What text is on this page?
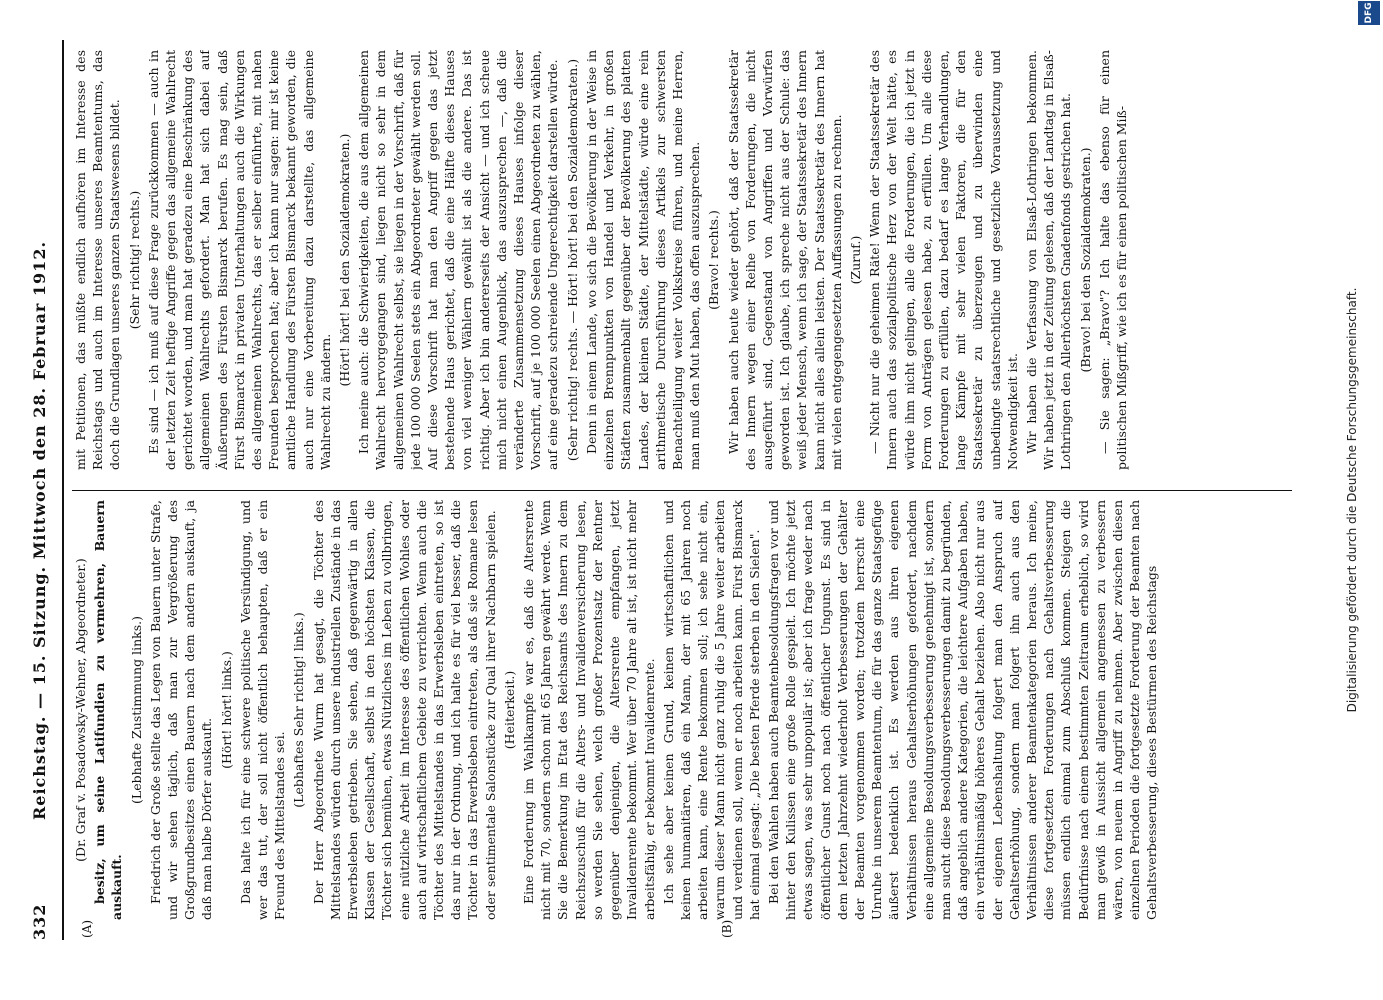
332
Reichstag. — 15. Sitzung. Mittwoch den 28. Februar 1912. (Dr. Graf v. Posadowsky-Wehner, Abgeordneter.) besitz, um seine Latifundien zu vermehren, Bauern auskauft.

(Lebhafte Zustimmung links.) Friedrich der Große stellte das Legen von Bauern unter Strafe, und wir sehen täglich, daß man zur Vergrößerung des Großgrundbesitzes einen Bauern nach dem andern auskauft, ja daß man halbe Dörfer auskauft.

(Hört! hört! links.) Das halte ich für eine schwere politische Versündigung, und wer das tut, der soll nicht öffentlich behaupten, daß er ein Freund des Mittelstandes sei.

(Lebhaftes Sehr richtig! links.) Der Herr Abgeordnete Wurm hat gesagt, die Töchter des Mittelstandes würden durch unsere industriellen Zustände in das Erwerbsleben getrieben. Sie sehen, daß gegenwärtig in allen Klassen der Gesellschaft, selbst in den höchsten Klassen, die Töchter sich bemühen, etwas Nützliches im Leben zu vollbringen, eine nützliche Arbeit im Interesse des öffentlichen Wohles oder auch auf wirtschaftlichem Gebiete zu verrichten. Wenn auch die Töchter des Mittelstandes in das Erwerbsleben eintreten, so ist das nur in der Ordnung, und ich halte es für viel besser, daß die Töchter in das Erwerbsleben eintreten, als daß sie Romane lesen oder sentimentale Salonstücke zur Qual ihrer Nachbarn spielen. (Heiterkeit.) Eine Forderung im Wahlkampfe war es, daß die Altersrente nicht mit 70, sondern schon mit 65 Jahren gewährt werde. Wenn Sie die Bemerkung im Etat des Reichsamts des Innern zu dem Reichszuschuß für die Alters- und Invalidenversicherung lesen, so werden Sie sehen, welch großer Prozentsatz der Rentner gegenüber denjenigen, die Altersrente empfangen, jetzt Invalidenrente bekommt. Wer über 70 Jahre alt ist, ist nicht mehr arbeitsfähig, er bekommt Invalidenrente. Ich sehe aber keinen Grund, keinen wirtschaftlichen und keinen humanitären, daß ein Mann, der mit 65 Jahren noch arbeiten kann, eine Rente bekommen soll; ich sehe nicht ein, warum dieser Mann nicht ganz ruhig die 5 Jahre weiter arbeiten und verdienen soll, wenn er noch arbeiten kann. Fürst Bismarck hat einmal gesagt: „Die besten Pferde sterben in den Sielen". Bei den Wahlen haben auch Beamtenbesoldungsfragen vor und hinter den Kulissen eine große Rolle gespielt. Ich möchte jetzt etwas sagen, was sehr unpopulär ist; aber ich frage weder nach öffentlicher Gunst noch nach öffentlicher Ungunst. Es sind in dem letzten Jahrzehnt wiederholt Verbesserungen der Gehälter der Beamten vorgenommen worden; trotzdem herrscht eine Unruhe in unserem Beamtentum, die für das ganze Staatsgefüge äußerst bedenklich ist. Es werden aus ihren eigenen Verhältnissen heraus Gehaltserhöhungen gefordert, nachdem eine allgemeine Besoldungsverbesserung genehmigt ist, sondern man sucht diese Besoldungsverbesserungen damit zu begründen, daß angeblich andere Kategorien, die leichtere Aufgaben haben, ein verhältnismäßig höheres Gehalt beziehen. Also nicht nur aus der eigenen Lebenshaltung folgert man den Anspruch auf Gehaltserhöhung, sondern man folgert ihn auch aus den Verhältnissen anderer Beamtenkategorien heraus. Ich meine, diese fortgesetzten Forderungen nach Gehaltsverbesserung müssen endlich einmal zum Abschluß kommen. Steigen die Bedürfnisse nach einem bestimmten Zeitraum erheblich, so wird man gewiß in Aussicht allgemein angemessen zu verbessern wären, von neuem in Angriff zu nehmen. Aber zwischen diesen einzelnen Perioden die fortgesetzte Forderung der Beamten nach Gehaltsverbesserung, dieses Bestürmen des Reichstags

mit Petitionen, das müßte endlich aufhören im Interesse des Reichstags und auch im Interesse unseres Beamtentums, das doch die Grundlagen unseres ganzen Staatswesens bildet. (Sehr richtig! rechts.) Es sind — ich muß auf diese Frage zurückkommen — auch in der letzten Zeit heftige Angriffe gegen das allgemeine Wahlrecht gerichtet worden, und man hat geradezu eine Beschränkung des allgemeinen Wahlrechts gefordert. Man hat sich dabei auf Äußerungen des Fürsten Bismarck berufen. Es mag sein, daß Fürst Bismarck in privaten Unterhaltungen auch die Wirkungen des allgemeinen Wahlrechts, das er selber einführte, mit nahen Freunden besprochen hat; aber ich kann nur sagen: mir ist keine amtliche Handlung des Fürsten Bismarck bekannt geworden, die auch nur eine Vorbereitung dazu darstellte, das allgemeine Wahlrecht zu ändern.

(Hört! hört! bei den Sozialdemokraten.) Ich meine auch: die Schwierigkeiten, die aus dem allgemeinen Wahlrecht hervorgegangen sind, liegen nicht so sehr in dem allgemeinen Wahlrecht selbst, sie liegen in der Vorschrift, daß für jede 100 000 Seelen stets ein Abgeordneter gewählt werden soll. Auf diese Vorschrift hat man den Angriff gegen das jetzt bestehende Haus gerichtet, daß die eine Hälfte dieses Hauses von viel weniger Wählern gewählt ist als die andere. Das ist richtig. Aber ich bin andererseits der Ansicht — und ich scheue mich nicht einen Augenblick, das auszusprechen —, daß die veränderte Zusammensetzung dieses Hauses infolge dieser Vorschrift, auf je 100 000 Seelen einen Abgeordneten zu wählen, auf eine geradezu schreiende Ungerechtigkeit darstellen würde. (Sehr richtig! rechts. — Hört! hört! bei den Sozialdemokraten.) Denn in einem Lande, wo sich die Bevölkerung in der Weise in einzelnen Brennpunkten von Handel und Verkehr, in großen Städten zusammenballt gegenüber der Bevölkerung des platten Landes, der kleinen Städte, der Mittelstädte, würde eine rein arithmetische Durchführung dieses Artikels zur schwersten Benachteiligung weiter Volkskreise führen, und meine Herren, man muß den Mut haben, das offen auszusprechen. (Bravo! rechts.) Wir haben auch heute wieder gehört, daß der Staatssekretär des Innern wegen einer Reihe von Forderungen, die nicht ausgeführt sind, Gegenstand von Angriffen und Vorwürfen geworden ist. Ich glaube, ich spreche nicht aus der Schule: das weiß jeder Mensch, wenn ich sage, der Staatssekretär des Innern kann nicht alles allein leisten. Der Staatssekretär des Innern hat mit vielen entgegengesetzten Auffassungen zu rechnen. (Zuruf.) — Nicht nur die geheimen Räte! Wenn der Staatssekretär des Innern auch das sozialpolitische Herz von der Welt hätte, es würde ihm nicht gelingen, alle die Forderungen, die ich jetzt in Form von Anträgen gelesen habe, zu erfüllen. Um alle diese Forderungen zu erfüllen, dazu bedarf es lange Verhandlungen, lange Kämpfe mit sehr vielen Faktoren, die für den Staatssekretär zu überzeugen und zu überwinden eine unbedingte staatsrechtliche und gesetzliche Voraussetzung und Notwendigkeit ist. Wir haben die Verfassung von Elsaß-Lothringen bekommen. Wir haben jetzt in der Zeitung gelesen, daß der Landtag in Elsaß-Lothringen den Allerhöchsten Gnadenfonds gestrichen hat. (Bravo! bei den Sozialdemokraten.) — Sie sagen: „Bravo"? Ich halte das ebenso für einen politischen Mißgriff, wie ich es für einen politischen Miß-

(A)	(B)
Digitalisierung gefördert durch die Deutsche Forschungsgemeinschaft.
DFG
